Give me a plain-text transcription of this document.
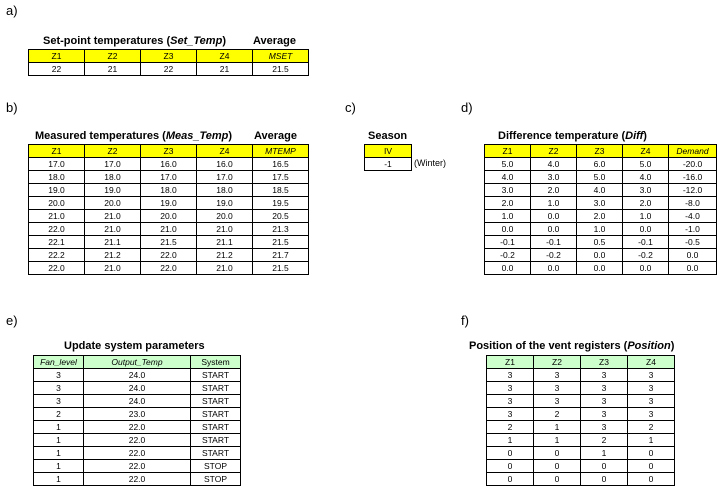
a)
b)	c)	d)
e)	f)
Set-point temperatures (Set_Temp) Average
Z1	Z2	Z3	Z4	MSET
22	21	22	21	21.5
Measured temperatures (Meas_Temp) Average
Z1	Z2	Z3	Z4	MTEMP
17.0	17.0	16.0	16.0	16.5
18.0	18.0	17.0	17.0	17.5
19.0	19.0	18.0	18.0	18.5
20.0	20.0	19.0	19.0	19.5
21.0	21.0	20.0	20.0	20.5
22.0	21.0	21.0	21.0	21.3
22.1	21.1	21.5	21.1	21.5
22.2	21.2	22.0	21.2	21.7
22.0	21.0	22.0	21.0	21.5
Season
IV
-1 (Winter)
Difference temperature (Diff)
Z1	Z2	Z3	Z4	Demand
5.0	4.0	6.0	5.0	-20.0
4.0	3.0	5.0	4.0	-16.0
3.0	2.0	4.0	3.0	-12.0
2.0	1.0	3.0	2.0	-8.0
1.0	0.0	2.0	1.0	-4.0
0.0	0.0	1.0	0.0	-1.0
-0.1	-0.1	0.5	-0.1	-0.5
-0.2	-0.2	0.0	-0.2	0.0
0.0	0.0	0.0	0.0	0.0
Update system parameters
Fan_level	Output_Temp	System
3	24.0	START
3	24.0	START
3	24.0	START
2	23.0	START
1	22.0	START
1	22.0	START
1	22.0	START
1	22.0	STOP
1	22.0	STOP
Position of the vent registers (Position)
Z1	Z2	Z3	Z4
3	3	3	3
3	3	3	3
3	3	3	3
3	2	3	3
2	1	3	2
1	1	2	1
0	0	1	0
0	0	0	0
0	0	0	0
